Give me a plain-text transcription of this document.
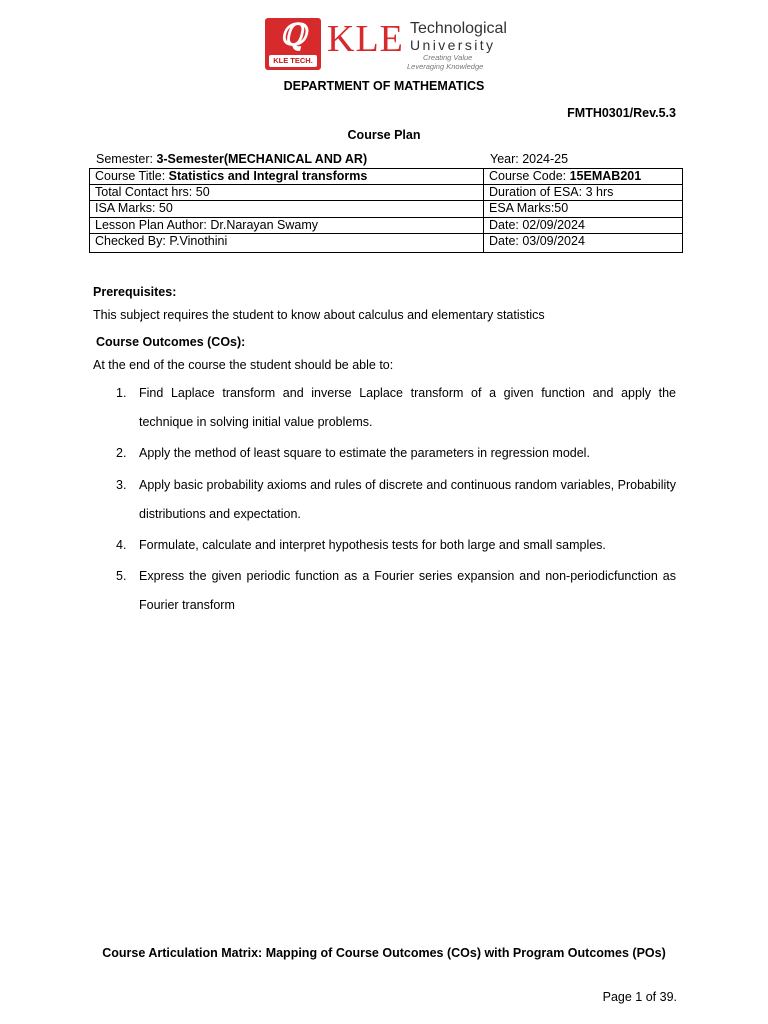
ℚ
KLE TECH.
KLE Technological
University
Creating Value
Leveraging Knowledge
DEPARTMENT OF MATHEMATICS
FMTH0301/Rev.5.3
Course Plan
Semester: 3-Semester(MECHANICAL AND AR)	Year: 2024-25
Course Title: Statistics and Integral transforms	Course Code: 15EMAB201
Total Contact hrs: 50	Duration of ESA: 3 hrs
ISA Marks: 50	ESA Marks:50
Lesson Plan Author: Dr.Narayan Swamy	Date: 02/09/2024
Checked By: P.Vinothini	Date: 03/09/2024
Prerequisites:
This subject requires the student to know about calculus and elementary statistics
Course Outcomes (COs):
At the end of the course the student should be able to:
1. Find Laplace transform and inverse Laplace transform of a given function and apply the technique in solving initial value problems.
2. Apply the method of least square to estimate the parameters in regression model.
3. Apply basic probability axioms and rules of discrete and continuous random variables, Probability distributions and expectation.
4. Formulate, calculate and interpret hypothesis tests for both large and small samples.
5. Express the given periodic function as a Fourier series expansion and non-periodicfunction as Fourier transform
Course Articulation Matrix: Mapping of Course Outcomes (COs) with Program Outcomes (POs)
Page 1 of 39.
